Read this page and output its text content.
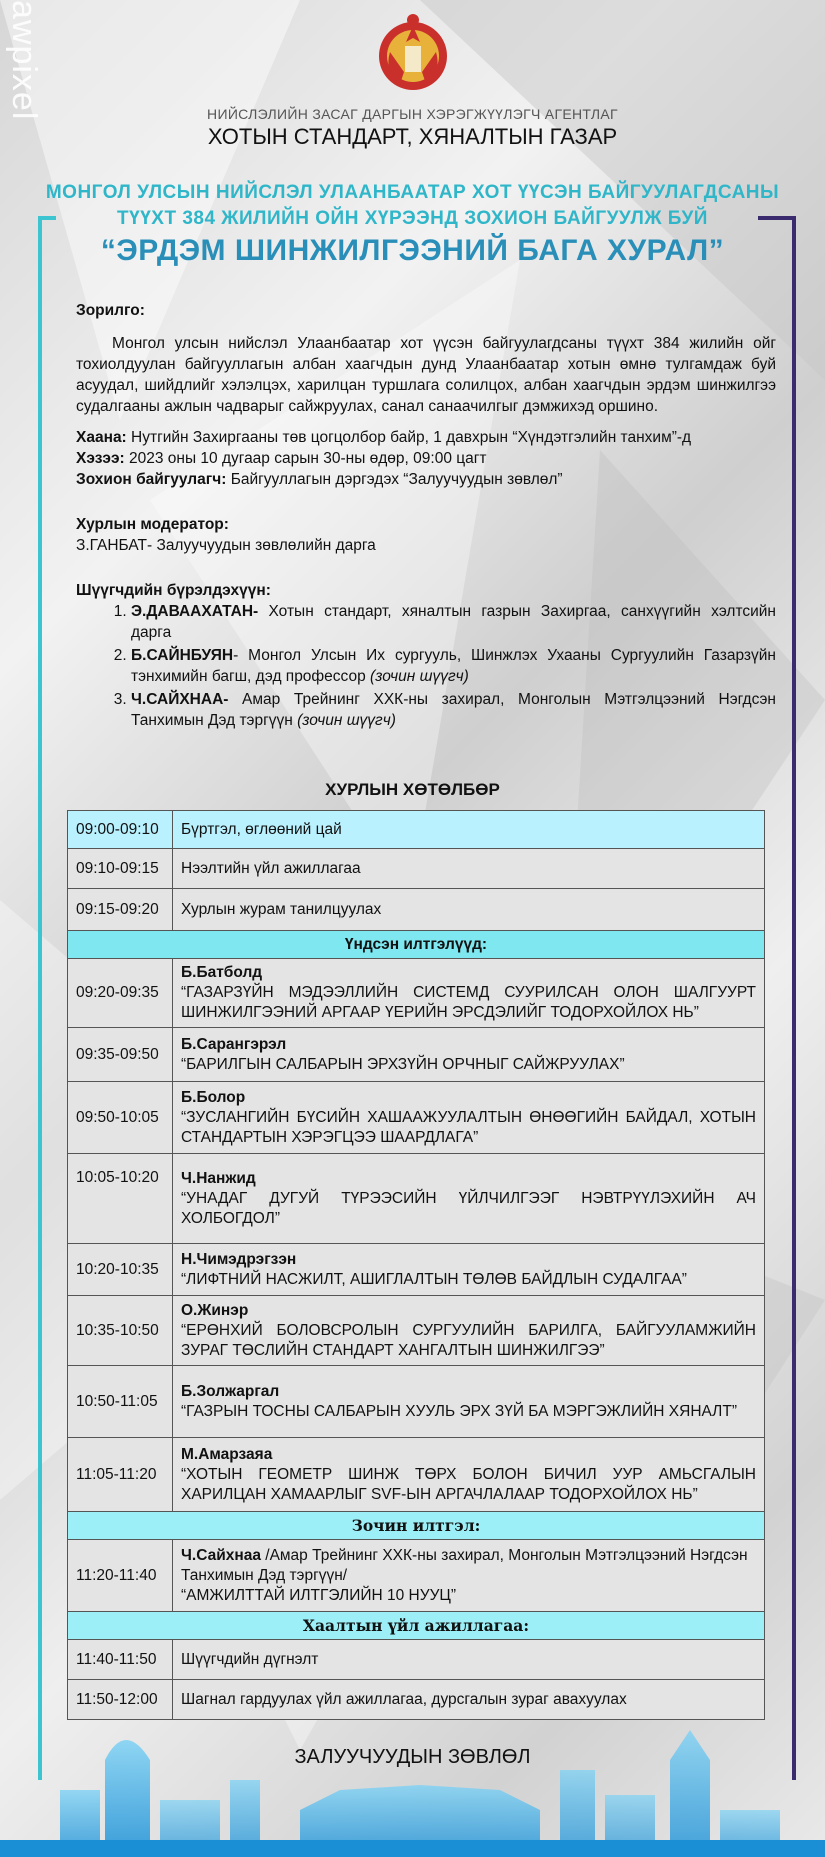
awpixel	НИЙСЛЭЛИЙН ЗАСАГ ДАРГЫН ХЭРЭГЖҮҮЛЭГЧ АГЕНТЛАГ
ХОТЫН СТАНДАРТ, ХЯНАЛТЫН ГАЗАР
МОНГОЛ УЛСЫН НИЙСЛЭЛ УЛААНБААТАР ХОТ ҮҮСЭН БАЙГУУЛАГДСАНЫ
ТҮҮХТ 384 ЖИЛИЙН ОЙН ХҮРЭЭНД ЗОХИОН БАЙГУУЛЖ БУЙ
“ЭРДЭМ ШИНЖИЛГЭЭНИЙ БАГА ХУРАЛ”
Зорилго:

Монгол улсын нийслэл Улаанбаатар хот үүсэн байгуулагдсаны түүхт 384 жилийн ойг тохиолдуулан байгууллагын албан хаагчдын дунд Улаанбаатар хотын өмнө тулгамдаж буй асуудал, шийдлийг хэлэлцэх, харилцан туршлага солилцох, албан хаагчдын эрдэм шинжилгээ судалгааны ажлын чадварыг сайжруулах, санал санаачилгыг дэмжихэд оршино.

Хаана: Нутгийн Захиргааны төв цогцолбор байр, 1 давхрын “Хүндэтгэлийн танхим”-д

Хэзээ: 2023 оны 10 дугаар сарын 30-ны өдөр, 09:00 цагт

Зохион байгуулагч: Байгууллагын дэргэдэх “Залуучуудын зөвлөл”

Хурлын модератор:
З.ГАНБАТ- Залуучуудын зөвлөлийн дарга
Шүүгчдийн бүрэлдэхүүн:
1. Э.ДАВААХАТАН- Хотын стандарт, хяналтын газрын Захиргаа, санхүүгийн хэлтсийн дарга
2. Б.САЙНБУЯН- Монгол Улсын Их сургууль, Шинжлэх Ухааны Сургуулийн Газарзүйн тэнхимийн багш, дэд профессор (зочин шүүгч)
3. Ч.САЙХНАА- Амар Трейнинг ХХК-ны захирал, Монголын Мэтгэлцээний Нэгдсэн Танхимын Дэд тэргүүн (зочин шүүгч)
ХУРЛЫН ХӨТӨЛБӨР
09:00-09:10	Бүртгэл, өглөөний цай
09:10-09:15	Нээлтийн үйл ажиллагаа
09:15-09:20	Хурлын журам танилцуулах
Үндсэн илтгэлүүд:	
09:20-09:35	Б.Батболд
“ГАЗАРЗҮЙН МЭДЭЭЛЛИЙН СИСТЕМД СУУРИЛСАН ОЛОН ШАЛГУУРТ ШИНЖИЛГЭЭНИЙ АРГААР ҮЕРИЙН ЭРСДЭЛИЙГ ТОДОРХОЙЛОХ НЬ”

09:35-09:50	Б.Сарангэрэл
“БАРИЛГЫН САЛБАРЫН ЭРХЗҮЙН ОРЧНЫГ САЙЖРУУЛАХ”

09:50-10:05	Б.Болор
“ЗУСЛАНГИЙН БҮСИЙН ХАШААЖУУЛАЛТЫН ӨНӨӨГИЙН БАЙДАЛ, ХОТЫН СТАНДАРТЫН ХЭРЭГЦЭЭ ШААРДЛАГА”

10:05-10:20	Ч.Нанжид
“УНАДАГ ДУГУЙ ТҮРЭЭСИЙН ҮЙЛЧИЛГЭЭГ НЭВТРҮҮЛЭХИЙН АЧ ХОЛБОГДОЛ”

10:20-10:35	Н.Чимэдрэгзэн
“ЛИФТНИЙ НАСЖИЛТ, АШИГЛАЛТЫН ТӨЛӨВ БАЙДЛЫН СУДАЛГАА”

10:35-10:50	О.Жинэр
“ЕРӨНХИЙ БОЛОВСРОЛЫН СУРГУУЛИЙН БАРИЛГА, БАЙГУУЛАМЖИЙН ЗУРАГ ТӨСЛИЙН СТАНДАРТ ХАНГАЛТЫН ШИНЖИЛГЭЭ”

10:50-11:05	Б.Золжаргал
“ГАЗРЫН ТОСНЫ САЛБАРЫН ХУУЛЬ ЭРХ ЗҮЙ БА МЭРГЭЖЛИЙН ХЯНАЛТ”

11:05-11:20	М.Амарзаяа
“ХОТЫН ГЕОМЕТР ШИНЖ ТӨРХ БОЛОН БИЧИЛ УУР АМЬСГАЛЫН ХАРИЛЦАН ХАМААРЛЫГ SVF-ЫН АРГАЧЛАЛААР ТОДОРХОЙЛОХ НЬ”

Зочин илтгэл:	
11:20-11:40	Ч.Сайхнаа /Амар Трейнинг ХХК-ны захирал, Монголын Мэтгэлцээний Нэгдсэн Танхимын Дэд тэргүүн/
“АМЖИЛТТАЙ ИЛТГЭЛИЙН 10 НУУЦ”

Хаалтын үйл ажиллагаа:	
11:40-11:50	Шүүгчдийн дүгнэлт
11:50-12:00	Шагнал гардуулах үйл ажиллагаа, дурсгалын зураг авахуулах
ЗАЛУУЧУУДЫН ЗӨВЛӨЛ
